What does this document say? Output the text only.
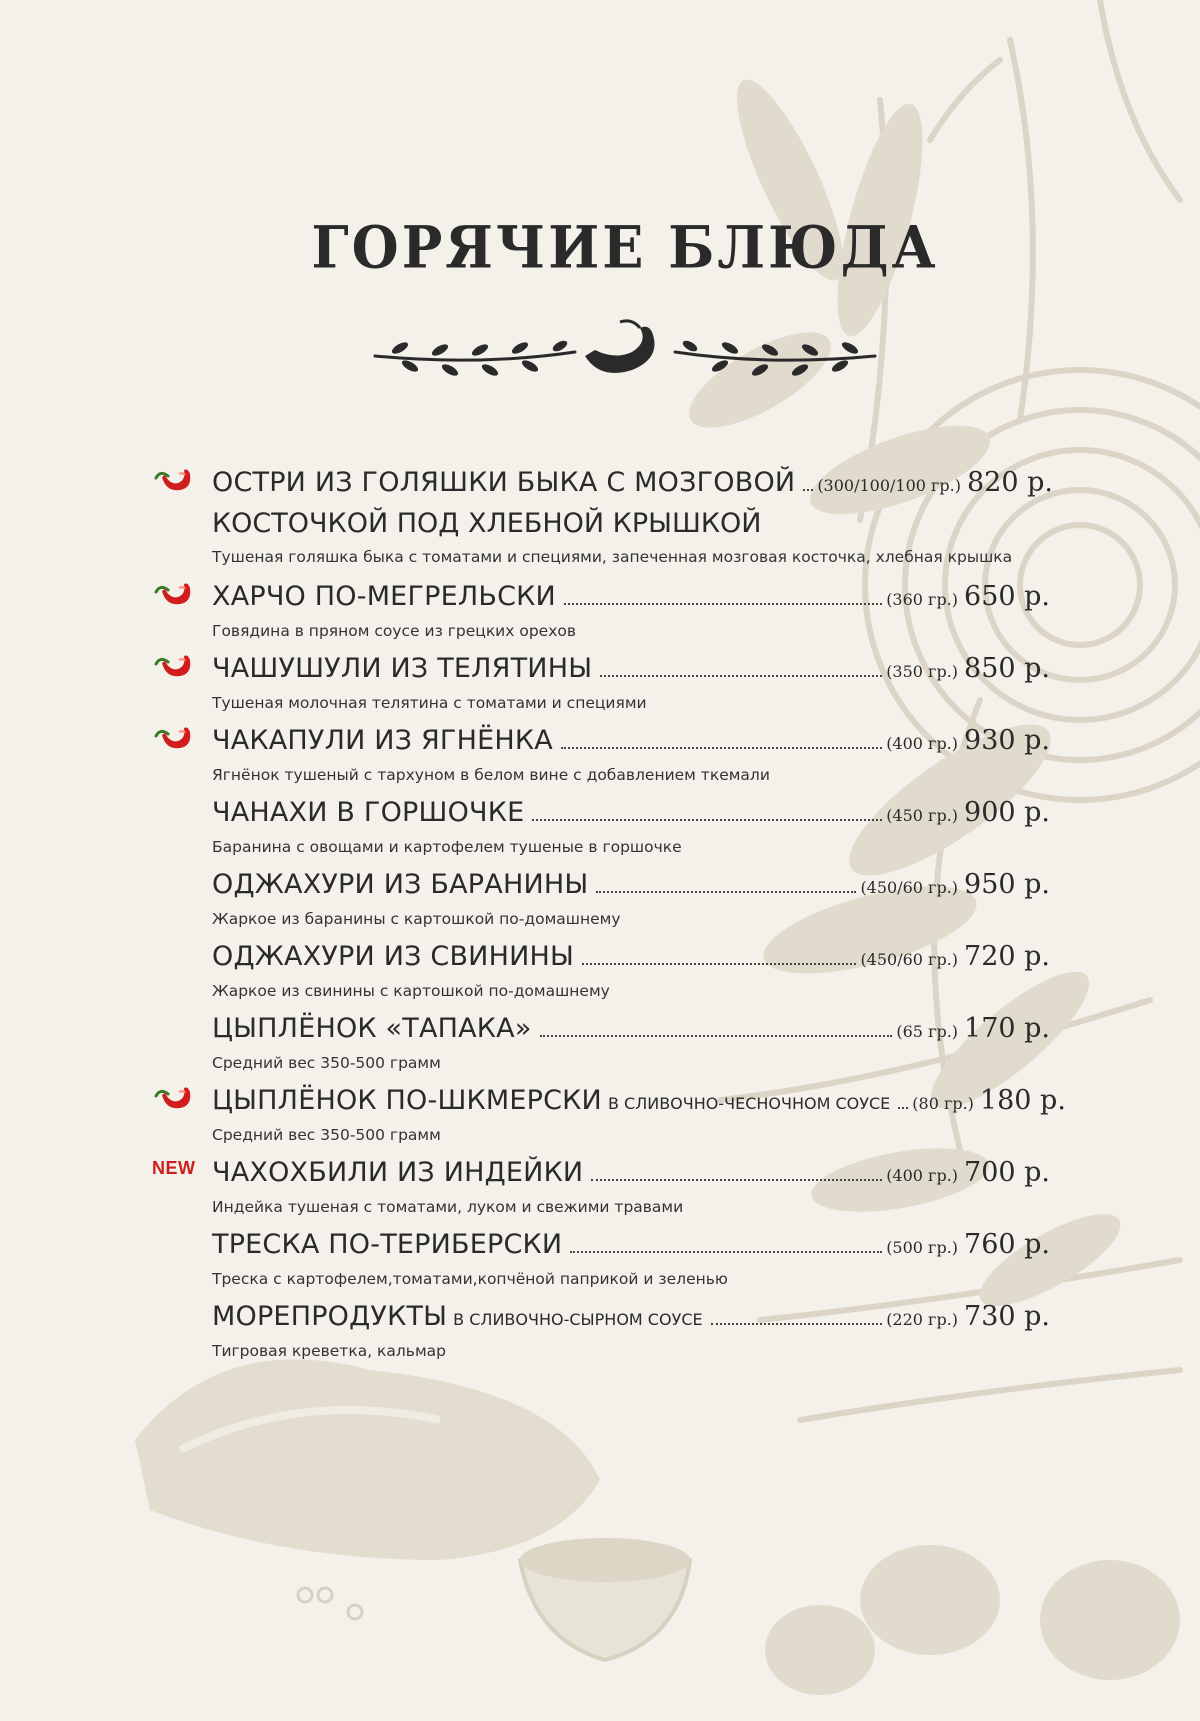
ГОРЯЧИЕ БЛЮДА
ОСТРИ ИЗ ГОЛЯШКИ БЫКА С МОЗГОВОЙ (300/100/100 гр.) 820 р.
КОСТОЧКОЙ ПОД ХЛЕБНОЙ КРЫШКОЙ
Тушеная голяшка быка с томатами и специями, запеченная мозговая косточка, хлебная крышка
ХАРЧО ПО-МЕГРЕЛЬСКИ	(360 гр.) 650 р.
Говядина в пряном соусе из грецких орехов
ЧАШУШУЛИ ИЗ ТЕЛЯТИНЫ	(350 гр.) 850 р.
Тушеная молочная телятина с томатами и специями
ЧАКАПУЛИ ИЗ ЯГНЁНКА	(400 гр.) 930 р.
Ягнёнок тушеный с тархуном в белом вине с добавлением ткемали
ЧАНАХИ В ГОРШОЧКЕ	(450 гр.) 900 р.
Баранина с овощами и картофелем тушеные в горшочке
ОДЖАХУРИ ИЗ БАРАНИНЫ	(450/60 гр.) 950 р.
Жаркое из баранины с картошкой по-домашнему
ОДЖАХУРИ ИЗ СВИНИНЫ	(450/60 гр.) 720 р.
Жаркое из свинины с картошкой по-домашнему
ЦЫПЛЁНОК «ТАПАКА»	(65 гр.) 170 р.
Средний вес 350-500 грамм
ЦЫПЛЁНОК ПО-ШКМЕРСКИ В СЛИВОЧНО-ЧЕСНОЧНОМ СОУСЕ (80 гр.) 180 р.
Средний вес 350-500 грамм
NEW ЧАХОХБИЛИ ИЗ ИНДЕЙКИ	(400 гр.) 700 р.
Индейка тушеная с томатами, луком и свежими травами
ТРЕСКА ПО-ТЕРИБЕРСКИ	(500 гр.) 760 р.
Треска с картофелем,томатами,копчёной паприкой и зеленью
МОРЕПРОДУКТЫ В СЛИВОЧНО-СЫРНОМ СОУСЕ	(220 гр.) 730 р.
Тигровая креветка, кальмар
